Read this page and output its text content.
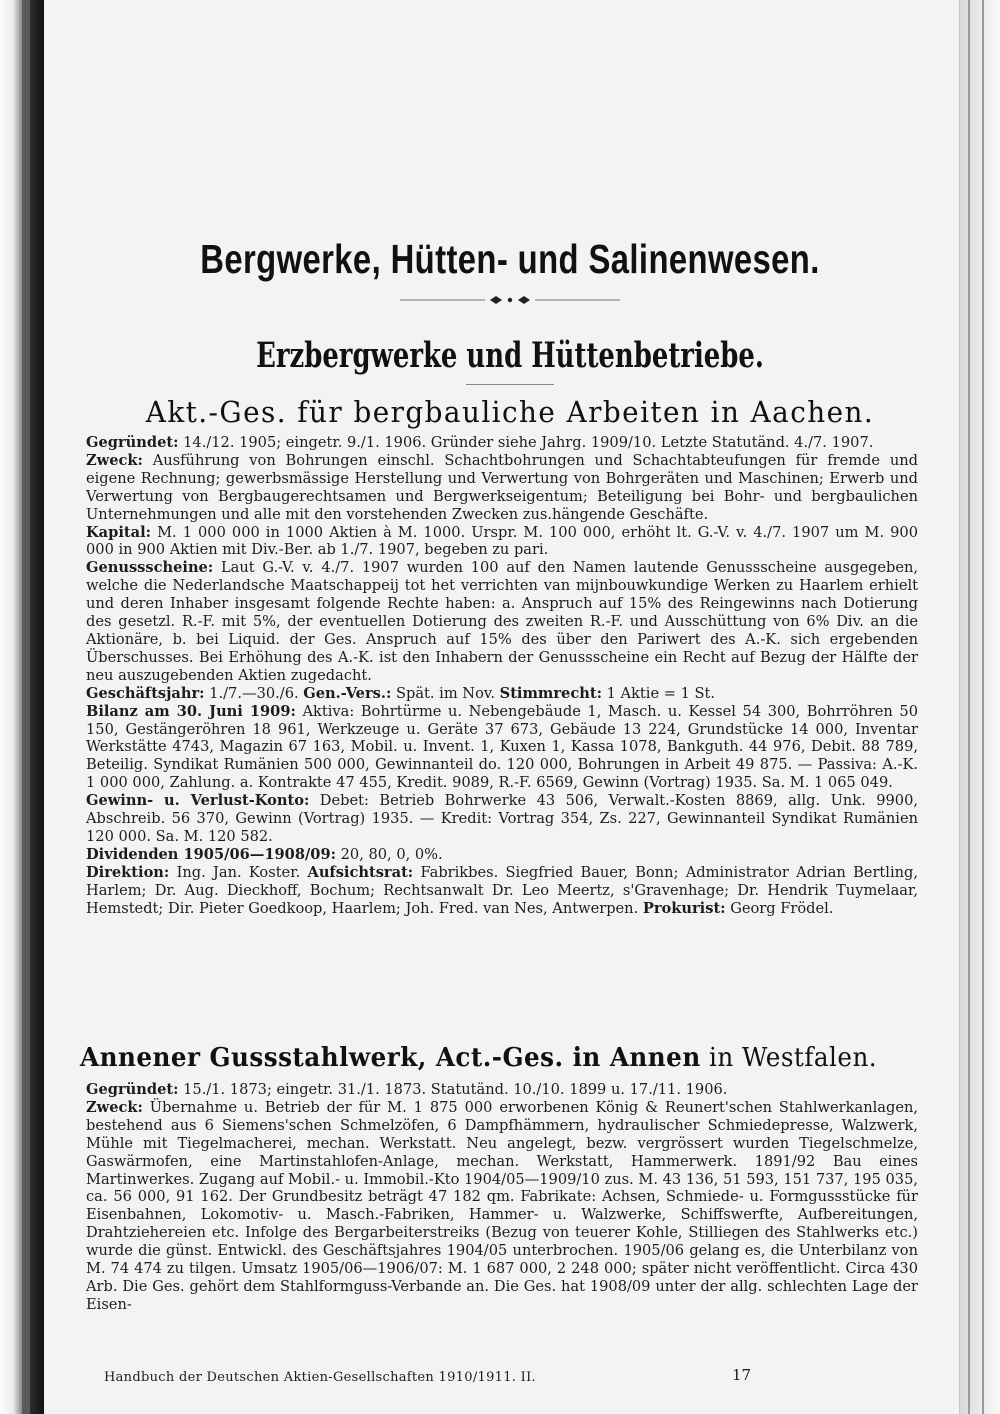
Bergwerke, Hütten- und Salinenwesen.
Erzbergwerke und Hüttenbetriebe.
Akt.-Ges. für bergbauliche Arbeiten in Aachen.

Gegründet: 14./12. 1905; eingetr. 9./1. 1906. Gründer siehe Jahrg. 1909/10. Letzte Statutänd. 4./7. 1907.

Zweck: Ausführung von Bohrungen einschl. Schachtbohrungen und Schachtabteufungen für fremde und eigene Rechnung; gewerbsmässige Herstellung und Verwertung von Bohrgeräten und Maschinen; Erwerb und Verwertung von Bergbaugerechtsamen und Bergwerkseigentum; Beteiligung bei Bohr- und bergbaulichen Unternehmungen und alle mit den vorstehenden Zwecken zus.hängende Geschäfte.

Kapital: M. 1 000 000 in 1000 Aktien à M. 1000. Urspr. M. 100 000, erhöht lt. G.-V. v. 4./7. 1907 um M. 900 000 in 900 Aktien mit Div.-Ber. ab 1./7. 1907, begeben zu pari.

Genussscheine: Laut G.-V. v. 4./7. 1907 wurden 100 auf den Namen lautende Genussscheine ausgegeben, welche die Nederlandsche Maatschappeij tot het verrichten van mijnbouwkundige Werken zu Haarlem erhielt und deren Inhaber insgesamt folgende Rechte haben: a. Anspruch auf 15% des Reingewinns nach Dotierung des gesetzl. R.-F. mit 5%, der eventuellen Dotierung des zweiten R.-F. und Ausschüttung von 6% Div. an die Aktionäre, b. bei Liquid. der Ges. Anspruch auf 15% des über den Pariwert des A.-K. sich ergebenden Überschusses. Bei Erhöhung des A.-K. ist den Inhabern der Genussscheine ein Recht auf Bezug der Hälfte der neu auszugebenden Aktien zugedacht.

Geschäftsjahr: 1./7.—30./6. Gen.-Vers.: Spät. im Nov. Stimmrecht: 1 Aktie = 1 St.

Bilanz am 30. Juni 1909: Aktiva: Bohrtürme u. Nebengebäude 1, Masch. u. Kessel 54 300, Bohrröhren 50 150, Gestängeröhren 18 961, Werkzeuge u. Geräte 37 673, Gebäude 13 224, Grundstücke 14 000, Inventar Werkstätte 4743, Magazin 67 163, Mobil. u. Invent. 1, Kuxen 1, Kassa 1078, Bankguth. 44 976, Debit. 88 789, Beteilig. Syndikat Rumänien 500 000, Gewinnanteil do. 120 000, Bohrungen in Arbeit 49 875. — Passiva: A.-K. 1 000 000, Zahlung. a. Kontrakte 47 455, Kredit. 9089, R.-F. 6569, Gewinn (Vortrag) 1935. Sa. M. 1 065 049.

Gewinn- u. Verlust-Konto: Debet: Betrieb Bohrwerke 43 506, Verwalt.-Kosten 8869, allg. Unk. 9900, Abschreib. 56 370, Gewinn (Vortrag) 1935. — Kredit: Vortrag 354, Zs. 227, Gewinnanteil Syndikat Rumänien 120 000. Sa. M. 120 582.

Dividenden 1905/06—1908/09: 20, 80, 0, 0%.

Direktion: Ing. Jan. Koster. Aufsichtsrat: Fabrikbes. Siegfried Bauer, Bonn; Administrator Adrian Bertling, Harlem; Dr. Aug. Dieckhoff, Bochum; Rechtsanwalt Dr. Leo Meertz, s'Gravenhage; Dr. Hendrik Tuymelaar, Hemstedt; Dir. Pieter Goedkoop, Haarlem; Joh. Fred. van Nes, Antwerpen. Prokurist: Georg Frödel.

Annener Gussstahlwerk, Act.-Ges. in Annen in Westfalen.

Gegründet: 15./1. 1873; eingetr. 31./1. 1873. Statutänd. 10./10. 1899 u. 17./11. 1906.

Zweck: Übernahme u. Betrieb der für M. 1 875 000 erworbenen König & Reunert'schen Stahlwerkanlagen, bestehend aus 6 Siemens'schen Schmelzöfen, 6 Dampfhämmern, hydraulischer Schmiedepresse, Walzwerk, Mühle mit Tiegelmacherei, mechan. Werkstatt. Neu angelegt, bezw. vergrössert wurden Tiegelschmelze, Gaswärmofen, eine Martinstahlofen-Anlage, mechan. Werkstatt, Hammerwerk. 1891/92 Bau eines Martinwerkes. Zugang auf Mobil.- u. Immobil.-Kto 1904/05—1909/10 zus. M. 43 136, 51 593, 151 737, 195 035, ca. 56 000, 91 162. Der Grundbesitz beträgt 47 182 qm. Fabrikate: Achsen, Schmiede- u. Formgussstücke für Eisenbahnen, Lokomotiv- u. Masch.-Fabriken, Hammer- u. Walzwerke, Schiffswerfte, Aufbereitungen, Drahtziehereien etc. Infolge des Bergarbeiterstreiks (Bezug von teuerer Kohle, Stilliegen des Stahlwerks etc.) wurde die günst. Entwickl. des Geschäftsjahres 1904/05 unterbrochen. 1905/06 gelang es, die Unterbilanz von M. 74 474 zu tilgen. Umsatz 1905/06—1906/07: M. 1 687 000, 2 248 000; später nicht veröffentlicht. Circa 430 Arb. Die Ges. gehört dem Stahlformguss-Verbande an. Die Ges. hat 1908/09 unter der allg. schlechten Lage der Eisen-

Handbuch der Deutschen Aktien-Gesellschaften 1910/1911. II.	17
